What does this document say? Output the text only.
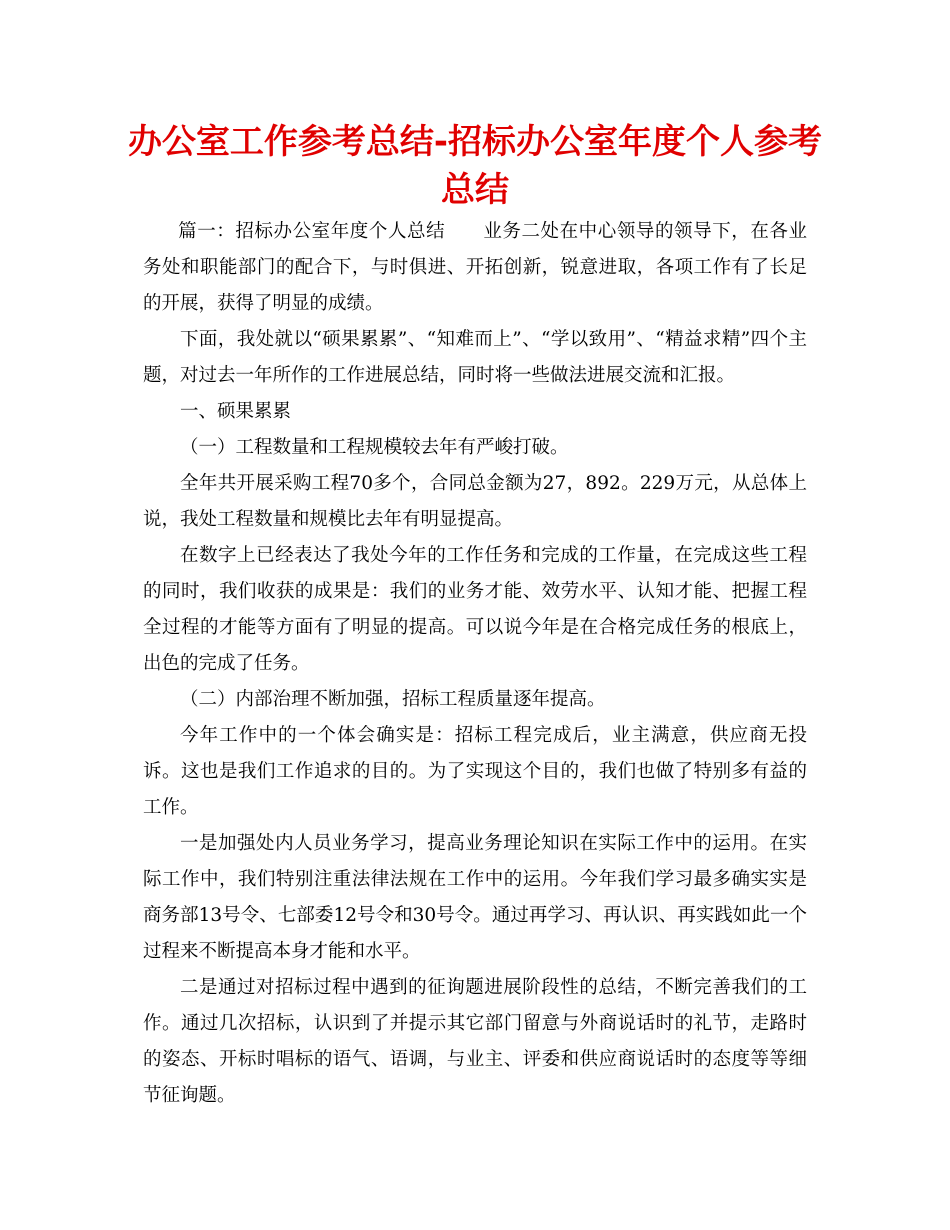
办公室工作参考总结-招标办公室年度个人参考总结

篇一：招标办公室年度个人总结　　业务二处在中心领导的领导下，在各业务处和职能部门的配合下，与时俱进、开拓创新，锐意进取，各项工作有了长足的开展，获得了明显的成绩。

下面，我处就以“硕果累累”、“知难而上”、“学以致用”、“精益求精”四个主题，对过去一年所作的工作进展总结，同时将一些做法进展交流和汇报。

一、硕果累累

（一）工程数量和工程规模较去年有严峻打破。

全年共开展采购工程70多个，合同总金额为27，892。229万元，从总体上说，我处工程数量和规模比去年有明显提高。

在数字上已经表达了我处今年的工作任务和完成的工作量，在完成这些工程的同时，我们收获的成果是：我们的业务才能、效劳水平、认知才能、把握工程全过程的才能等方面有了明显的提高。可以说今年是在合格完成任务的根底上，出色的完成了任务。

（二）内部治理不断加强，招标工程质量逐年提高。

今年工作中的一个体会确实是：招标工程完成后，业主满意，供应商无投诉。这也是我们工作追求的目的。为了实现这个目的，我们也做了特别多有益的工作。

一是加强处内人员业务学习，提高业务理论知识在实际工作中的运用。在实际工作中，我们特别注重法律法规在工作中的运用。今年我们学习最多确实实是商务部13号令、七部委12号令和30号令。通过再学习、再认识、再实践如此一个过程来不断提高本身才能和水平。

二是通过对招标过程中遇到的征询题进展阶段性的总结，不断完善我们的工作。通过几次招标，认识到了并提示其它部门留意与外商说话时的礼节，走路时的姿态、开标时唱标的语气、语调，与业主、评委和供应商说话时的态度等等细节征询题。
